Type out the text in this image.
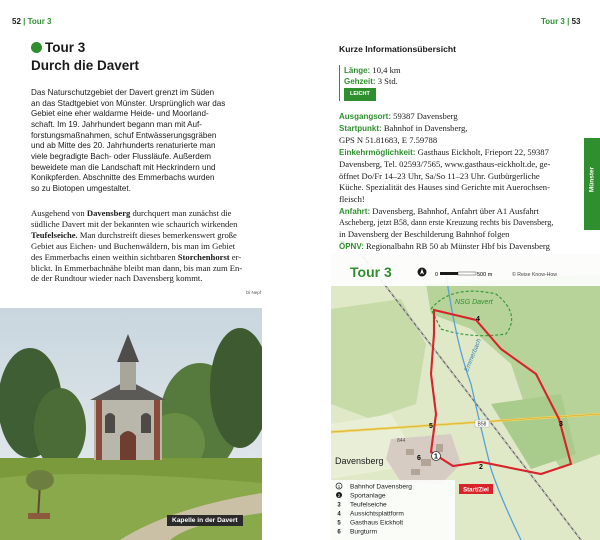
52 | Tour 3	Tour 3 | 53
Tour 3
Durch die Davert
Das Naturschutzgebiet der Davert grenzt im Süden
an das Stadtgebiet von Münster. Ursprünglich war das
Gebiet eine eher waldarme Heide- und Moorland-
schaft. Im 19. Jahrhundert begann man mit Auf-
forstungsmaßnahmen, schuf Entwässerungsgräben
und ab Mitte des 20. Jahrhunderts renaturierte man
viele begradigte Bach- oder Flussläufe. Außerdem
beweidete man die Landschaft mit Heckrindern und
Konikpferden. Abschnitte des Emmerbachs wurden
so zu Biotopen umgestaltet.
Ausgehend von Davensberg durchquert man zunächst die
südliche Davert mit der bekannten wie schaurich wirkenden
Teufelseiche. Man durchstreift dieses bemerkenswert große
Gebiet aus Eichen- und Buchenwäldern, bis man im Gebiet
des Emmerbachs einen weithin sichtbaren Storchenhorst er-
blickt. In Emmerbachnähe bleibt man dann, bis man zum En-
de der Rundtour wieder nach Davensberg kommt.
Di Nepf
Kapelle in der Davert
Kurze Informationsübersicht
Länge: 10,4 km
Gehzeit: 3 Std.
LEICHT
Ausgangsort: 59387 Davensberg
Startpunkt: Bahnhof in Davensberg,
GPS N 51.81683, E 7.59788
Einkehrmöglichkeit: Gasthaus Eickholt, Frieport 22, 59387
Davensberg, Tel. 02593/7565, www.gasthaus-eickholt.de, ge-
öffnet Do/Fr 14–23 Uhr, Sa/So 11–23 Uhr. Gutbürgerliche
Küche. Spezialität des Hauses sind Gerichte mit Auerochsen-
fleisch!
Anfahrt: Davensberg, Bahnhof, Anfahrt über A1 Ausfahrt
Ascheberg, jetzt B58, dann erste Kreuzung rechts bis Davensberg,
in Davensberg der Beschilderung Bahnhof folgen
ÖPNV: Regionalbahn RB 50 ab Münster Hbf bis Davensberg
Münster
1
2
3
4
5
6
NSG Davert
Emmerbach
Davensberg
844
B58
Start/Ziel
Tour 3	0	500 m	© Reise Know-How
1 Bahnhof Davensberg
2 Sportanlage
3 Teufelseiche
4 Aussichtsplattform
5 Gasthaus Eickholt
6 Burgturm
